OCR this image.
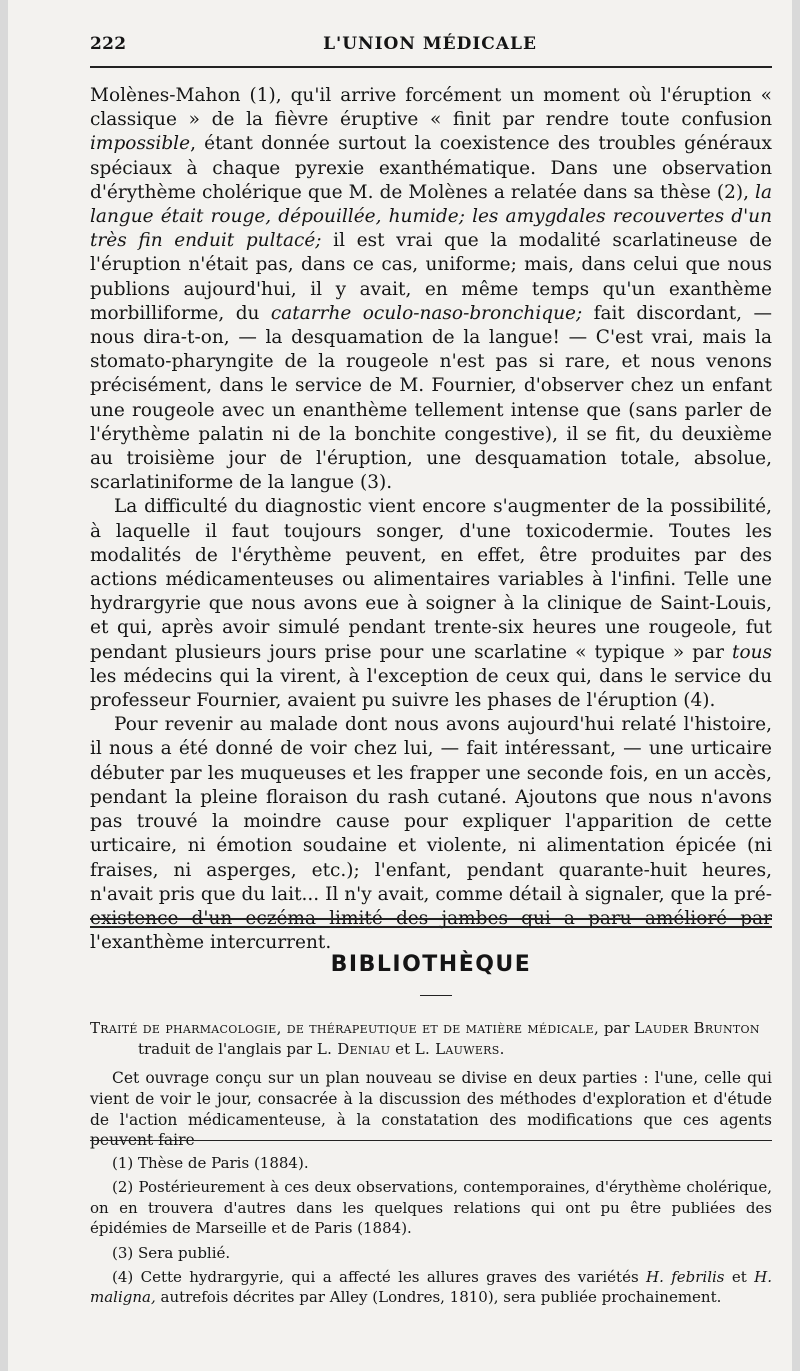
222	L'UNION MÉDICALE

Molènes-Mahon (1), qu'il arrive forcément un moment où l'éruption « classique » de la fièvre éruptive « finit par rendre toute confusion impossible, étant donnée surtout la coexistence des troubles généraux spéciaux à chaque pyrexie exanthématique. Dans une observation d'érythème cholérique que M. de Molènes a relatée dans sa thèse (2), la langue était rouge, dépouillée, humide; les amygdales recouvertes d'un très fin enduit pultacé; il est vrai que la modalité scarlatineuse de l'éruption n'était pas, dans ce cas, uniforme; mais, dans celui que nous publions aujourd'hui, il y avait, en même temps qu'un exanthème morbilliforme, du catarrhe oculo-naso-bronchique; fait discordant, — nous dira-t-on, — la desquamation de la langue! — C'est vrai, mais la stomato-pharyngite de la rougeole n'est pas si rare, et nous venons précisément, dans le service de M. Fournier, d'observer chez un enfant une rougeole avec un enanthème tellement intense que (sans parler de l'érythème palatin ni de la bonchite congestive), il se fit, du deuxième au troisième jour de l'éruption, une desquamation totale, absolue, scarlatiniforme de la langue (3).

La difficulté du diagnostic vient encore s'augmenter de la possibilité, à laquelle il faut toujours songer, d'une toxicodermie. Toutes les modalités de l'érythème peuvent, en effet, être produites par des actions médicamenteuses ou alimentaires variables à l'infini. Telle une hydrargyrie que nous avons eue à soigner à la clinique de Saint-Louis, et qui, après avoir simulé pendant trente-six heures une rougeole, fut pendant plusieurs jours prise pour une scarlatine « typique » par tous les médecins qui la virent, à l'exception de ceux qui, dans le service du professeur Fournier, avaient pu suivre les phases de l'éruption (4).

Pour revenir au malade dont nous avons aujourd'hui relaté l'histoire, il nous a été donné de voir chez lui, — fait intéressant, — une urticaire débuter par les muqueuses et les frapper une seconde fois, en un accès, pendant la pleine floraison du rash cutané. Ajoutons que nous n'avons pas trouvé la moindre cause pour expliquer l'apparition de cette urticaire, ni émotion soudaine et violente, ni alimentation épicée (ni fraises, ni asperges, etc.); l'enfant, pendant quarante-huit heures, n'avait pris que du lait... Il n'y avait, comme détail à signaler, que la pré-existence d'un eczéma limité des jambes qui a paru amélioré par l'exanthème intercurrent.

BIBLIOTHÈQUE

Traité de pharmacologie, de thérapeutique et de matière médicale, par Lauder Brunton

traduit de l'anglais par L. Deniau et L. Lauwers.

Cet ouvrage conçu sur un plan nouveau se divise en deux parties : l'une, celle qui vient de voir le jour, consacrée à la discussion des méthodes d'exploration et d'étude de l'action médicamenteuse, à la constatation des modifications que ces agents peuvent faire

(1) Thèse de Paris (1884).

(2) Postérieurement à ces deux observations, contemporaines, d'érythème cholérique, on en trouvera d'autres dans les quelques relations qui ont pu être publiées des épidémies de Marseille et de Paris (1884).

(3) Sera publié.

(4) Cette hydrargyrie, qui a affecté les allures graves des variétés H. febrilis et H. maligna, autrefois décrites par Alley (Londres, 1810), sera publiée prochainement.
